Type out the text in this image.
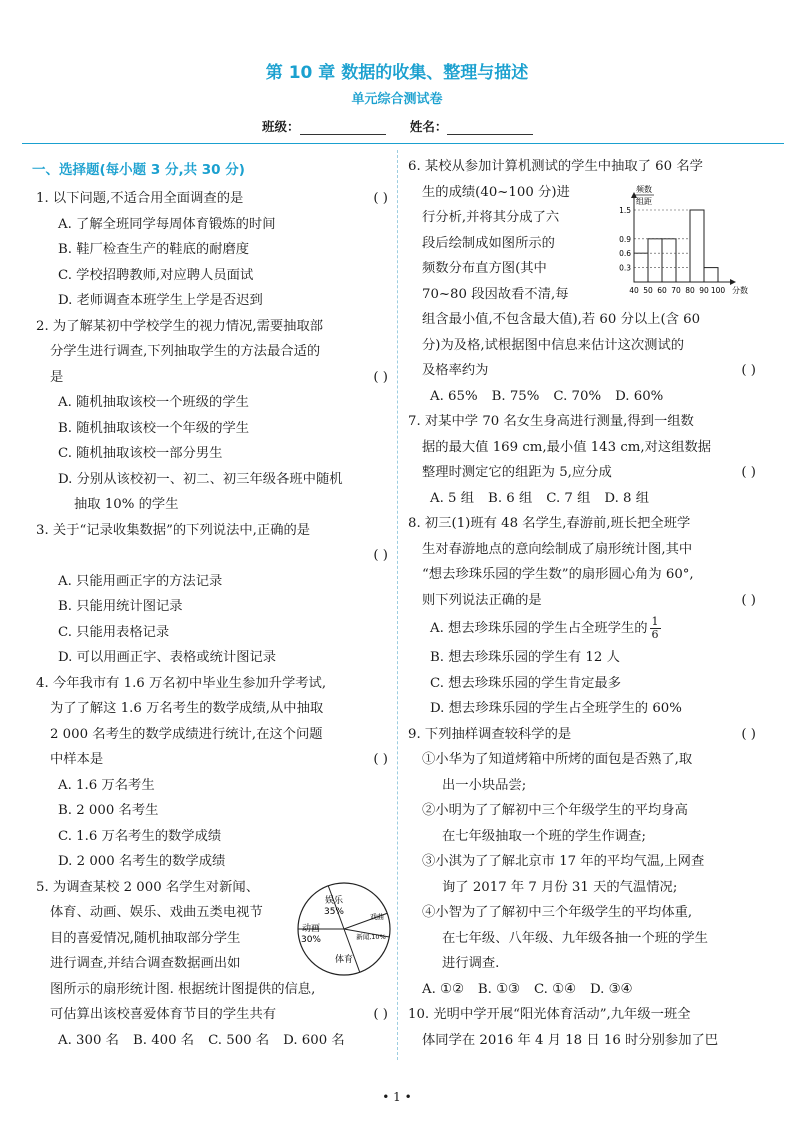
第 10 章 数据的收集、整理与描述
单元综合测试卷
班级：	姓名：
一、选择题(每小题 3 分,共 30 分)
1. 以下问题,不适合用全面调查的是	( )
A. 了解全班同学每周体育锻炼的时间
B. 鞋厂检查生产的鞋底的耐磨度
C. 学校招聘教师,对应聘人员面试
D. 老师调查本班学生上学是否迟到
2. 为了解某初中学校学生的视力情况,需要抽取部
分学生进行调查,下列抽取学生的方法最合适的
是	( )
A. 随机抽取该校一个班级的学生
B. 随机抽取该校一个年级的学生
C. 随机抽取该校一部分男生
D. 分别从该校初一、初二、初三年级各班中随机
抽取 10% 的学生
3. 关于“记录收集数据”的下列说法中,正确的是
( )
A. 只能用画正字的方法记录
B. 只能用统计图记录
C. 只能用表格记录
D. 可以用画正字、表格或统计图记录
4. 今年我市有 1.6 万名初中毕业生参加升学考试,
为了了解这 1.6 万名考生的数学成绩,从中抽取
2 000 名考生的数学成绩进行统计,在这个问题
中样本是	( )
A. 1.6 万名考生
B. 2 000 名考生
C. 1.6 万名考生的数学成绩
D. 2 000 名考生的数学成绩
娱乐
35%
动画
30%
体育
新闻,10%
戏曲
5. 为调查某校 2 000 名学生对新闻、
体育、动画、娱乐、戏曲五类电视节
目的喜爱情况,随机抽取部分学生
进行调查,并结合调查数据画出如
图所示的扇形统计图. 根据统计图提供的信息,
可估算出该校喜爱体育节目的学生共有	( )
A. 300 名 B. 400 名 C. 500 名 D. 600 名
1.5
0.9
0.6
0.3
40 50 60 70 80 90 100 分数
频数
组距
6. 某校从参加计算机测试的学生中抽取了 60 名学
生的成绩(40~100 分)进
行分析,并将其分成了六
段后绘制成如图所示的
频数分布直方图(其中
70~80 段因故看不清,每
组含最小值,不包含最大值),若 60 分以上(含 60
分)为及格,试根据图中信息来估计这次测试的
及格率约为	( )
A. 65% B. 75% C. 70% D. 60%
7. 对某中学 70 名女生身高进行测量,得到一组数
据的最大值 169 cm,最小值 143 cm,对这组数据
整理时测定它的组距为 5,应分成	( )
A. 5 组 B. 6 组 C. 7 组 D. 8 组
8. 初三(1)班有 48 名学生,春游前,班长把全班学
生对春游地点的意向绘制成了扇形统计图,其中
“想去珍珠乐园的学生数”的扇形圆心角为 60°,
则下列说法正确的是	( )
A. 想去珍珠乐园的学生占全班学生的 $\frac{1}{6}$
B. 想去珍珠乐园的学生有 12 人
C. 想去珍珠乐园的学生肯定最多
D. 想去珍珠乐园的学生占全班学生的 60%
9. 下列抽样调查较科学的是	( )
①小华为了知道烤箱中所烤的面包是否熟了,取
出一小块品尝;
②小明为了了解初中三个年级学生的平均身高
在七年级抽取一个班的学生作调查;
③小淇为了了解北京市 17 年的平均气温,上网查
询了 2017 年 7 月份 31 天的气温情况;
④小智为了了解初中三个年级学生的平均体重,
在七年级、八年级、九年级各抽一个班的学生
进行调查.
A. ①② B. ①③ C. ①④ D. ③④
10. 光明中学开展“阳光体育活动”,九年级一班全
体同学在 2016 年 4 月 18 日 16 时分别参加了巴
• 1 •
